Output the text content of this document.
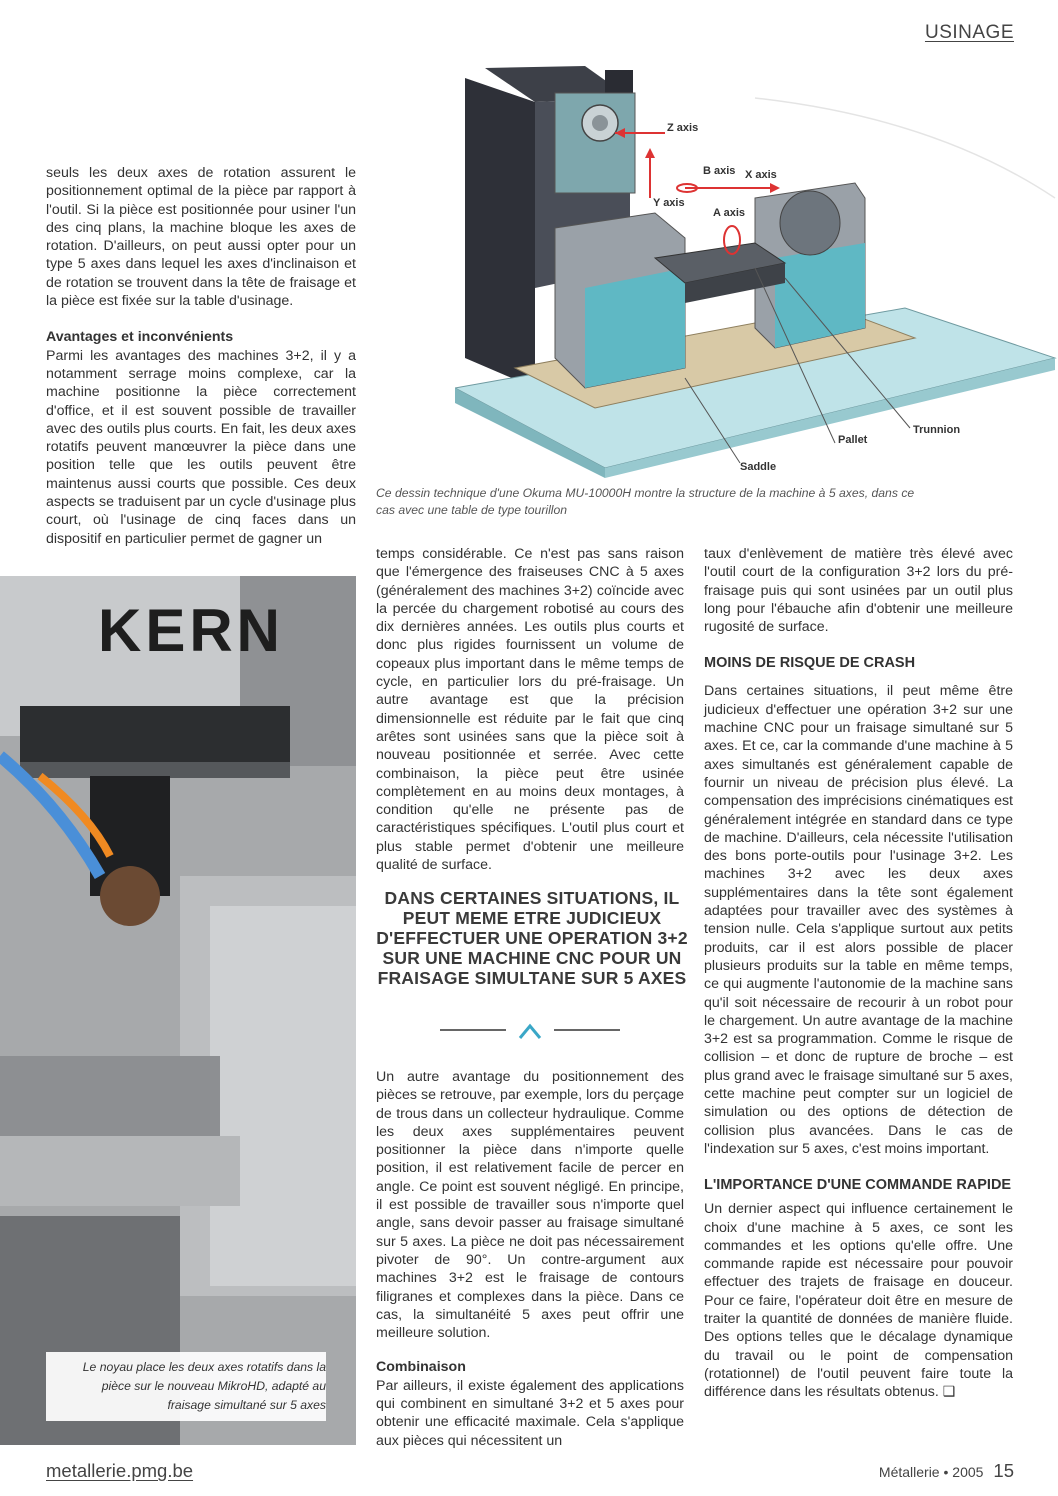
USINAGE
Z axis
B axis X axis
Y axis
A axis
Trunnion
Pallet
Saddle
Ce dessin technique d'une Okuma MU-10000H montre la structure de la machine à 5 axes, dans ce cas avec une table de type tourillon

seuls les deux axes de rotation assurent le positionnement optimal de la pièce par rapport à l'outil. Si la pièce est positionnée pour usiner l'un des cinq plans, la machine bloque les axes de rotation. D'ailleurs, on peut aussi opter pour un type 5 axes dans lequel les axes d'inclinaison et de rotation se trouvent dans la tête de fraisage et la pièce est fixée sur la table d'usinage.

Avantages et inconvénients

Parmi les avantages des machines 3+2, il y a notamment serrage moins complexe, car la machine positionne la pièce correctement d'office, et il est souvent possible de travailler avec des outils plus courts. En fait, les deux axes rotatifs peuvent manœuvrer la pièce dans une position telle que les outils peuvent être maintenus aussi courts que possible. Ces deux aspects se traduisent par un cycle d'usinage plus court, où l'usinage de cinq faces dans un dispositif en particulier permet de gagner un

KERN
Le noyau place les deux axes rotatifs dans la pièce sur le nouveau MikroHD, adapté au fraisage simultané sur 5 axes

temps considérable. Ce n'est pas sans raison que l'émergence des fraiseuses CNC à 5 axes (généralement des machines 3+2) coïncide avec la percée du chargement robotisé au cours des dix dernières années. Les outils plus courts et donc plus rigides fournissent un volume de copeaux plus important dans le même temps de cycle, en particulier lors du pré-fraisage. Un autre avantage est que la précision dimensionnelle est réduite par le fait que cinq arêtes sont usinées sans que la pièce soit à nouveau positionnée et serrée. Avec cette combinaison, la pièce peut être usinée complètement en au moins deux montages, à condition qu'elle ne présente pas de caractéristiques spécifiques. L'outil plus court et plus stable permet d'obtenir une meilleure qualité de surface.

DANS CERTAINES SITUATIONS, IL PEUT MEME ETRE JUDICIEUX D'EFFECTUER UNE OPERATION 3+2 SUR UNE MACHINE CNC POUR UN FRAISAGE SIMULTANE SUR 5 AXES

Un autre avantage du positionnement des pièces se retrouve, par exemple, lors du perçage de trous dans un collecteur hydraulique. Comme les deux axes supplémentaires peuvent positionner la pièce dans n'importe quelle position, il est relativement facile de percer en angle. Ce point est souvent négligé. En principe, il est possible de travailler sous n'importe quel angle, sans devoir passer au fraisage simultané sur 5 axes. La pièce ne doit pas nécessairement pivoter de 90°. Un contre-argument aux machines 3+2 est le fraisage de contours filigranes et complexes dans la pièce. Dans ce cas, la simultanéité 5 axes peut offrir une meilleure solution.

Combinaison

Par ailleurs, il existe également des applications qui combinent en simultané 3+2 et 5 axes pour obtenir une efficacité maximale. Cela s'applique aux pièces qui nécessitent un

taux d'enlèvement de matière très élevé avec l'outil court de la configuration 3+2 lors du pré-fraisage puis qui sont usinées par un outil plus long pour l'ébauche afin d'obtenir une meilleure rugosité de surface.

MOINS DE RISQUE DE CRASH

Dans certaines situations, il peut même être judicieux d'effectuer une opération 3+2 sur une machine CNC pour un fraisage simultané sur 5 axes. Et ce, car la commande d'une machine à 5 axes simultanés est généralement capable de fournir un niveau de précision plus élevé. La compensation des imprécisions cinématiques est généralement intégrée en standard dans ce type de machine. D'ailleurs, cela nécessite l'utilisation des bons porte-outils pour l'usinage 3+2. Les machines 3+2 avec les deux axes supplémentaires dans la tête sont également adaptées pour travailler avec des systèmes à tension nulle. Cela s'applique surtout aux petits produits, car il est alors possible de placer plusieurs produits sur la table en même temps, ce qui augmente l'autonomie de la machine sans qu'il soit nécessaire de recourir à un robot pour le chargement. Un autre avantage de la machine 3+2 est sa programmation. Comme le risque de collision – et donc de rupture de broche – est plus grand avec le fraisage simultané sur 5 axes, cette machine peut compter sur un logiciel de simulation ou des options de détection de collision plus avancées. Dans le cas de l'indexation sur 5 axes, c'est moins important.

L'IMPORTANCE D'UNE COMMANDE RAPIDE

Un dernier aspect qui influence certainement le choix d'une machine à 5 axes, ce sont les commandes et les options qu'elle offre. Une commande rapide est nécessaire pour pouvoir effectuer des trajets de fraisage en douceur. Pour ce faire, l'opérateur doit être en mesure de traiter la quantité de données de manière fluide. Des options telles que le décalage dynamique du travail ou le point de compensation (rotationnel) de l'outil peuvent faire toute la différence dans les résultats obtenus. ❑

metallerie.pmg.be	Métallerie • 2005 15
